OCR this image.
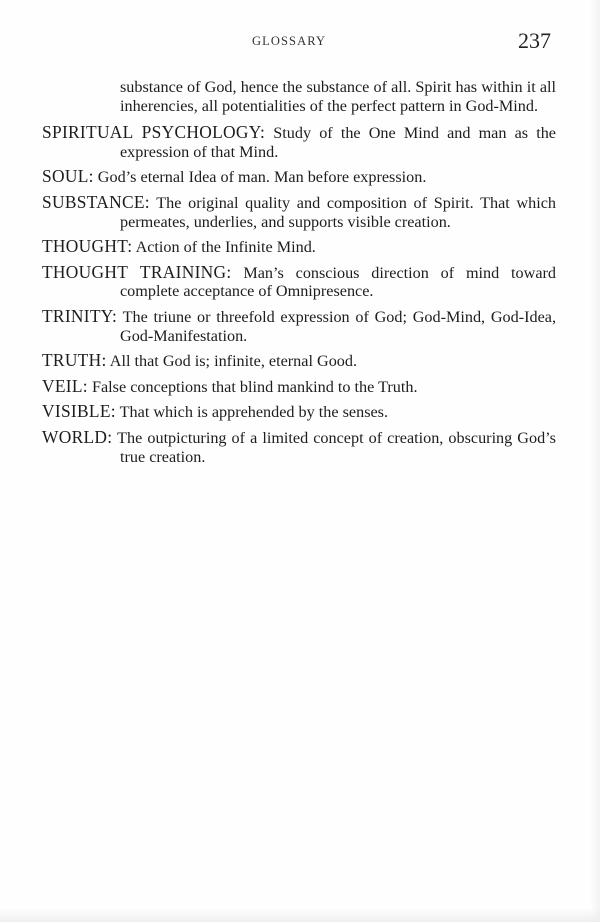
GLOSSARY	237

substance of God, hence the substance of all. Spirit has within it all inherencies, all potentialities of the perfect pattern in God-Mind.

SPIRITUAL PSYCHOLOGY: Study of the One Mind and man as the expression of that Mind.

SOUL: God’s eternal Idea of man. Man before expression.

SUBSTANCE: The original quality and composition of Spirit. That which permeates, underlies, and supports visible creation.

THOUGHT: Action of the Infinite Mind.

THOUGHT TRAINING: Man’s conscious direction of mind toward complete acceptance of Omnipresence.

TRINITY: The triune or threefold expression of God; God-Mind, God-Idea, God-Manifestation.

TRUTH: All that God is; infinite, eternal Good.

VEIL: False conceptions that blind mankind to the Truth.

VISIBLE: That which is apprehended by the senses.

WORLD: The outpicturing of a limited concept of creation, obscuring God’s true creation.
